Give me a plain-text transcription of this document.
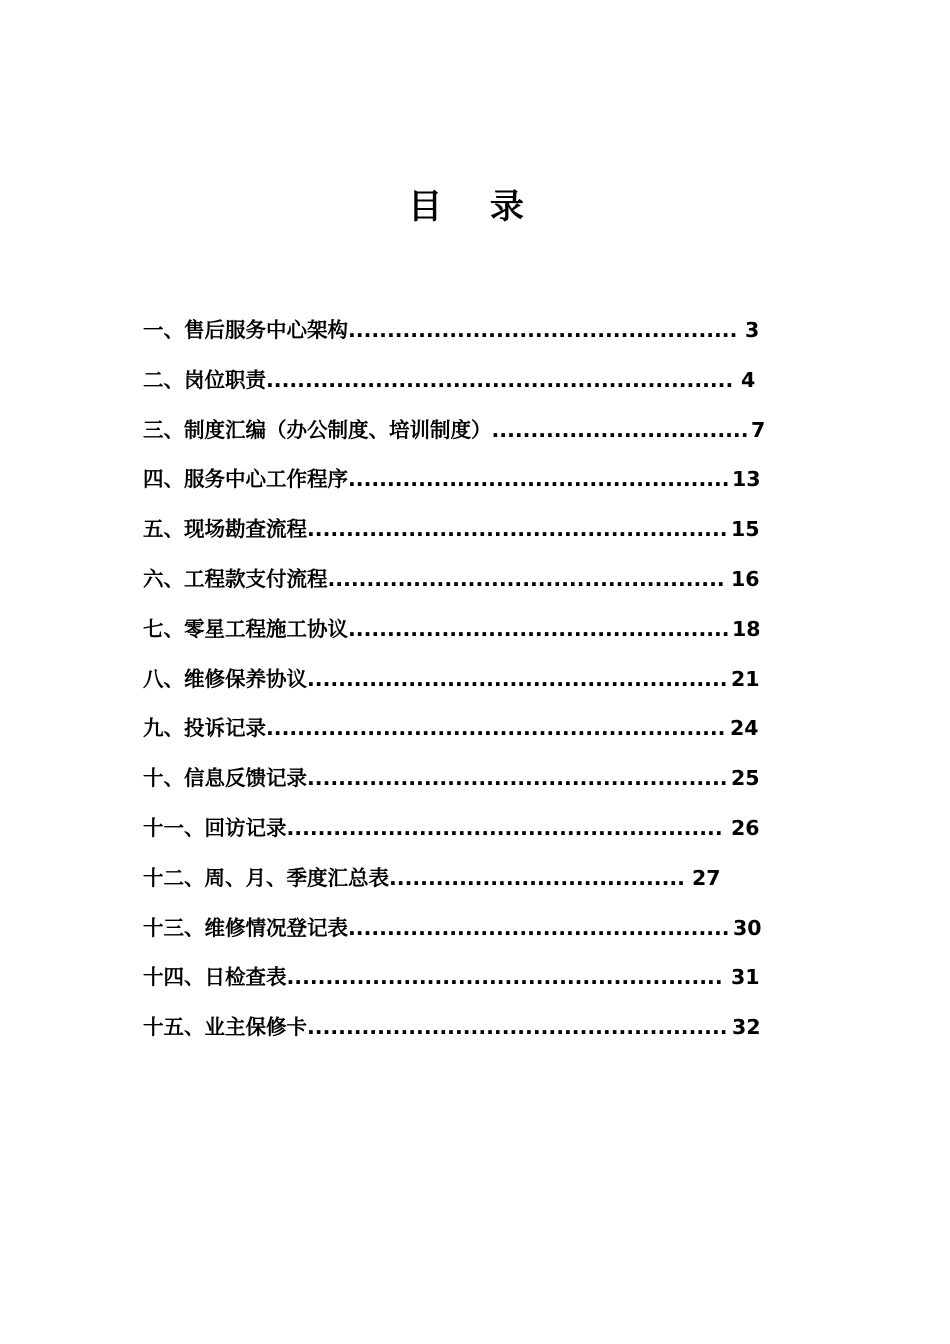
目 录
一、售后服务中心架构.................................................. 3
二、岗位职责............................................................ 4
三、制度汇编（办公制度、培训制度）................................. 7
四、服务中心工作程序................................................. 13
五、现场勘查流程...................................................... 15
六、工程款支付流程................................................... 16
七、零星工程施工协议................................................. 18
八、维修保养协议...................................................... 21
九、投诉记录........................................................... 24
十、信息反馈记录...................................................... 25
十一、回访记录........................................................ 26
十二、周、月、季度汇总表...................................... 27
十三、维修情况登记表................................................. 30
十四、日检查表........................................................ 31
十五、业主保修卡...................................................... 32
